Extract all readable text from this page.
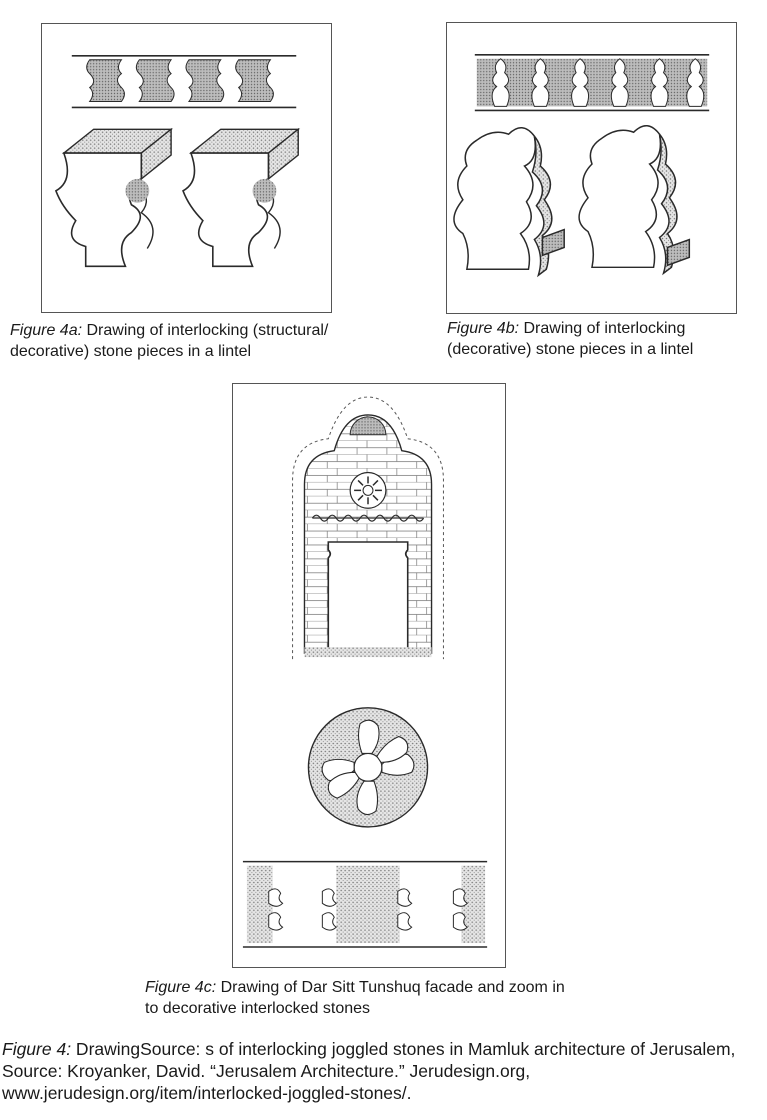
Figure 4a: Drawing of interlocking (structural/ decorative) stone pieces in a lintel
Figure 4b: Drawing of interlocking (decorative) stone pieces in a lintel
Figure 4c: Drawing of Dar Sitt Tunshuq facade and zoom in to decorative interlocked stones
Figure 4: DrawingSource: s of interlocking joggled stones in Mamluk architecture of Jerusalem, Source: Kroyanker, David. “Jerusalem Architecture.” Jerudesign.org, www.jerudesign.org/item/interlocked-joggled-stones/.
